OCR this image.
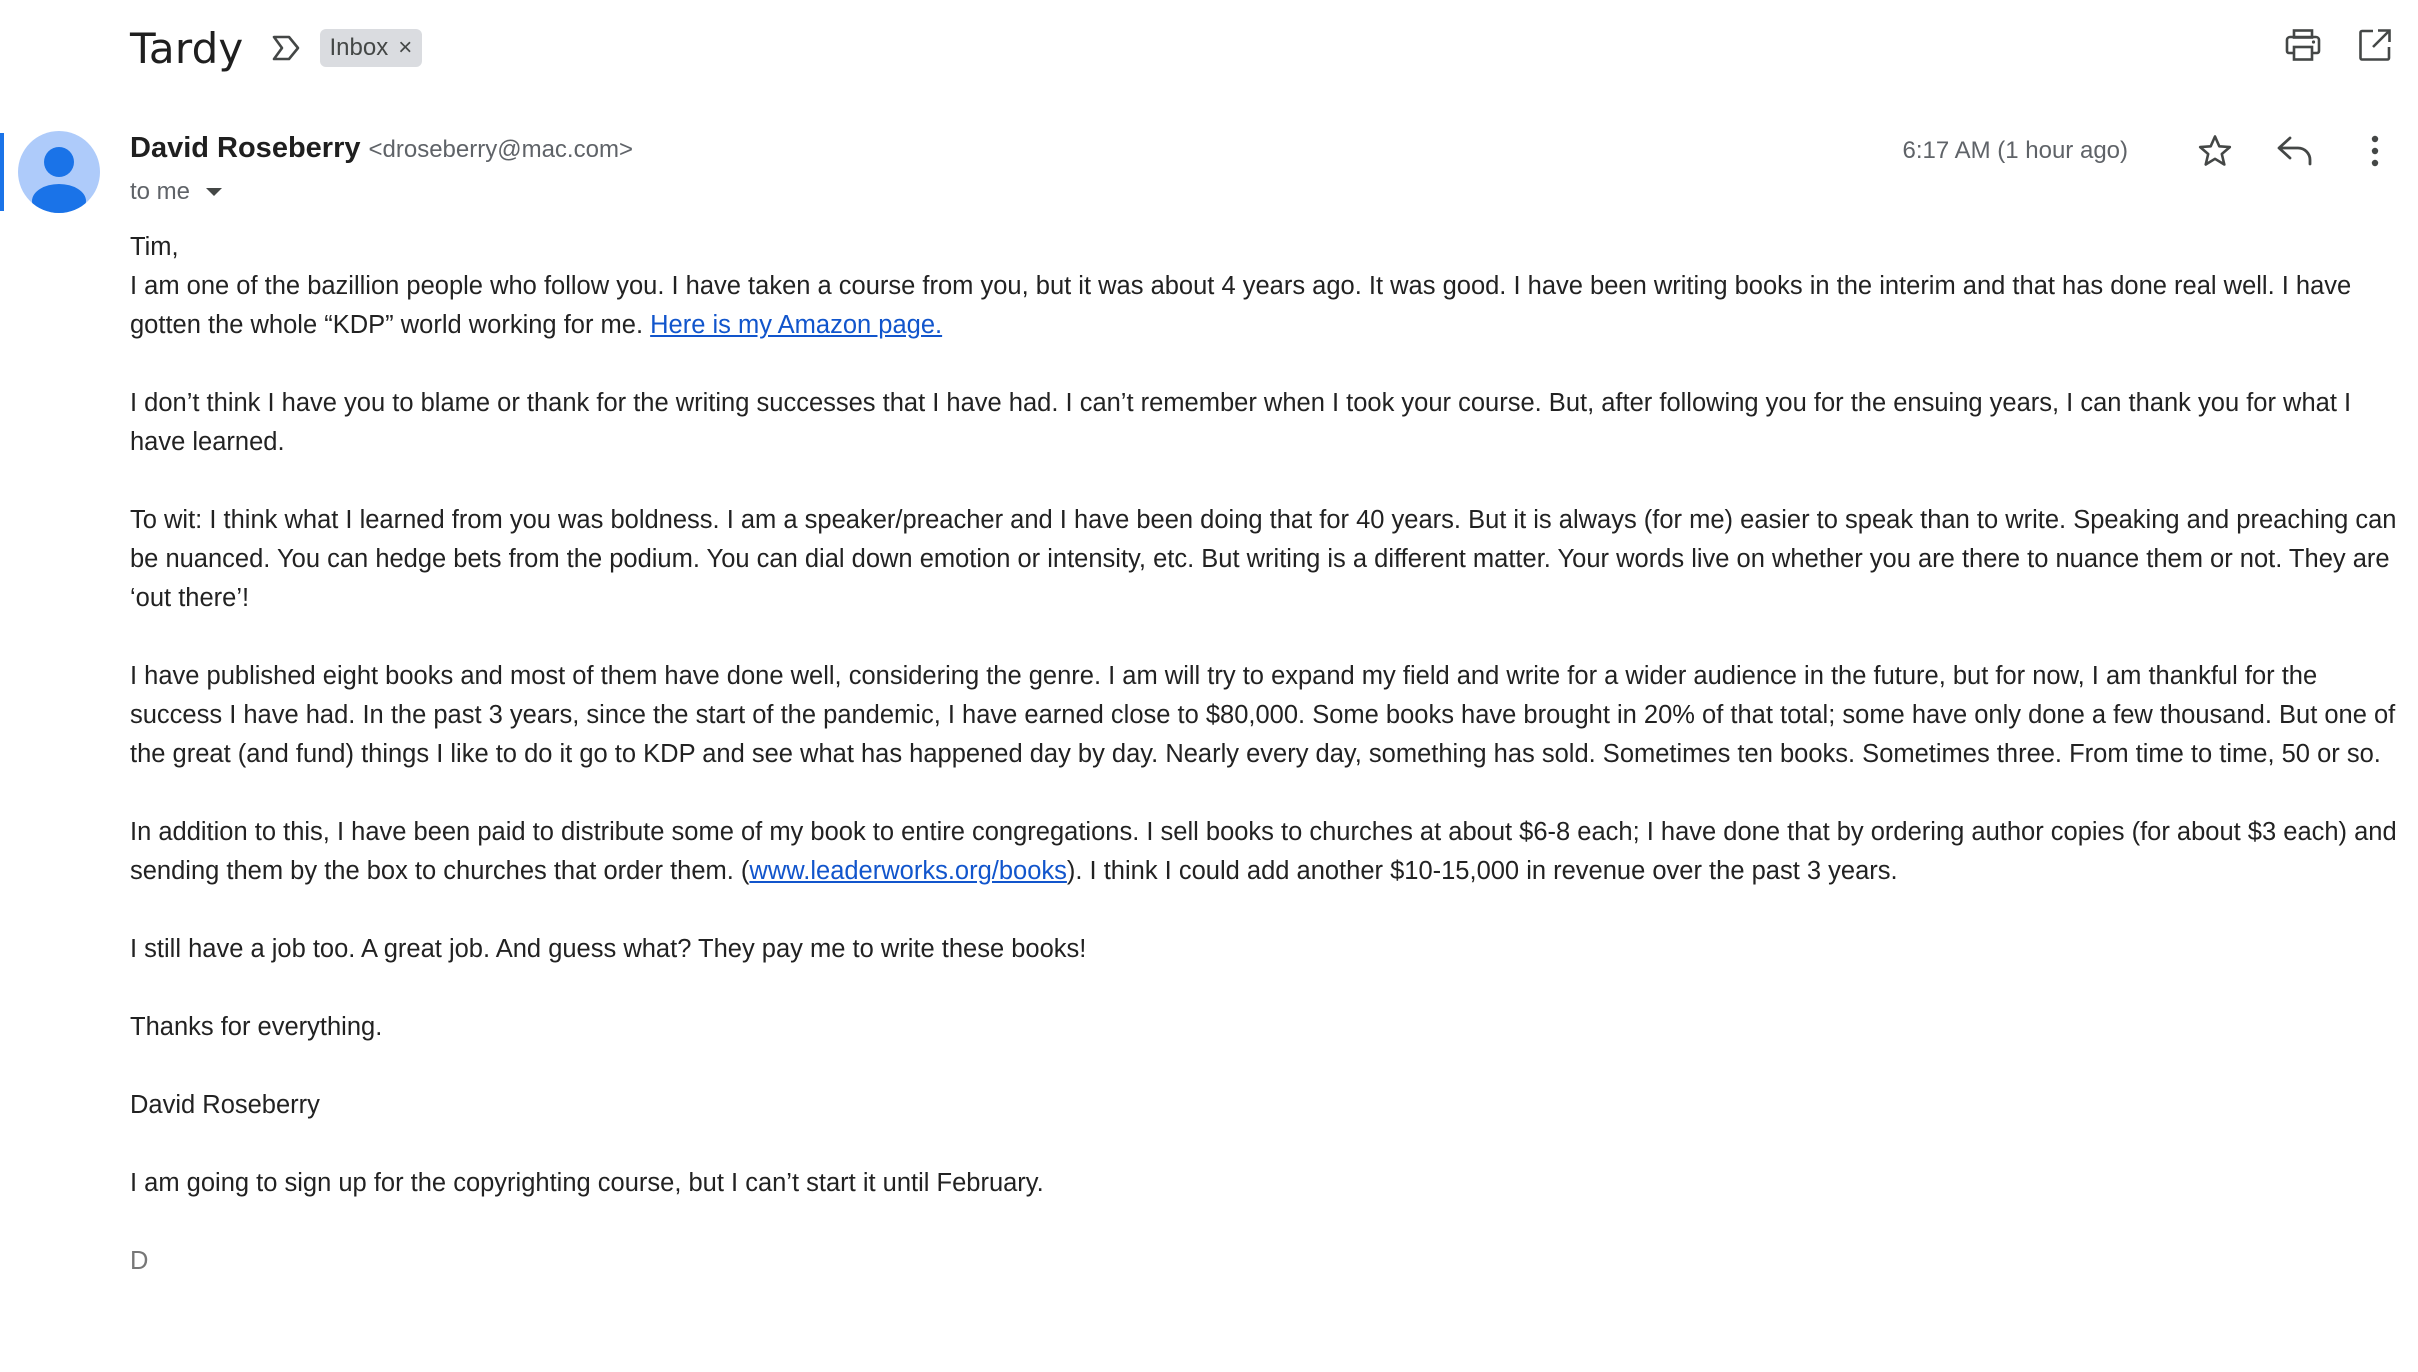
Tardy	Inbox ×
David Roseberry <droseberry@mac.com>
to me
6:17 AM (1 hour ago)

Tim,

I am one of the bazillion people who follow you. I have taken a course from you, but it was about 4 years ago. It was good. I have been writing books in the interim and that has done real well. I have gotten the whole “KDP” world working for me. Here is my Amazon page.

I don’t think I have you to blame or thank for the writing successes that I have had. I can’t remember when I took your course. But, after following you for the ensuing years, I can thank you for what I have learned.

To wit: I think what I learned from you was boldness. I am a speaker/preacher and I have been doing that for 40 years. But it is always (for me) easier to speak than to write. Speaking and preaching can be nuanced. You can hedge bets from the podium. You can dial down emotion or intensity, etc. But writing is a different matter. Your words live on whether you are there to nuance them or not. They are ‘out there’!

I have published eight books and most of them have done well, considering the genre. I am will try to expand my field and write for a wider audience in the future, but for now, I am thankful for the success I have had. In the past 3 years, since the start of the pandemic, I have earned close to $80,000. Some books have brought in 20% of that total; some have only done a few thousand. But one of the great (and fund) things I like to do it go to KDP and see what has happened day by day. Nearly every day, something has sold. Sometimes ten books. Sometimes three. From time to time, 50 or so.

In addition to this, I have been paid to distribute some of my book to entire congregations. I sell books to churches at about $6-8 each; I have done that by ordering author copies (for about $3 each) and sending them by the box to churches that order them. (www.leaderworks.org/books). I think I could add another $10-15,000 in revenue over the past 3 years.

I still have a job too. A great job. And guess what? They pay me to write these books!

Thanks for everything.

David Roseberry

I am going to sign up for the copyrighting course, but I can’t start it until February.

D
